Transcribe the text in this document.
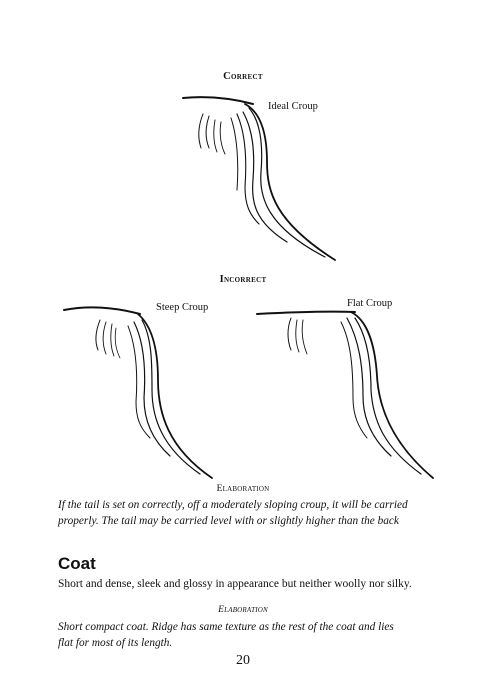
Correct
Ideal Croup
Incorrect
Steep Croup	Flat Croup
Elaboration
If the tail is set on correctly, off a moderately sloping croup, it will be carried
properly. The tail may be carried level with or slightly higher than the back
Coat
Short and dense, sleek and glossy in appearance but neither woolly nor silky.
Elaboration
Short compact coat. Ridge has same texture as the rest of the coat and lies
flat for most of its length.
20
